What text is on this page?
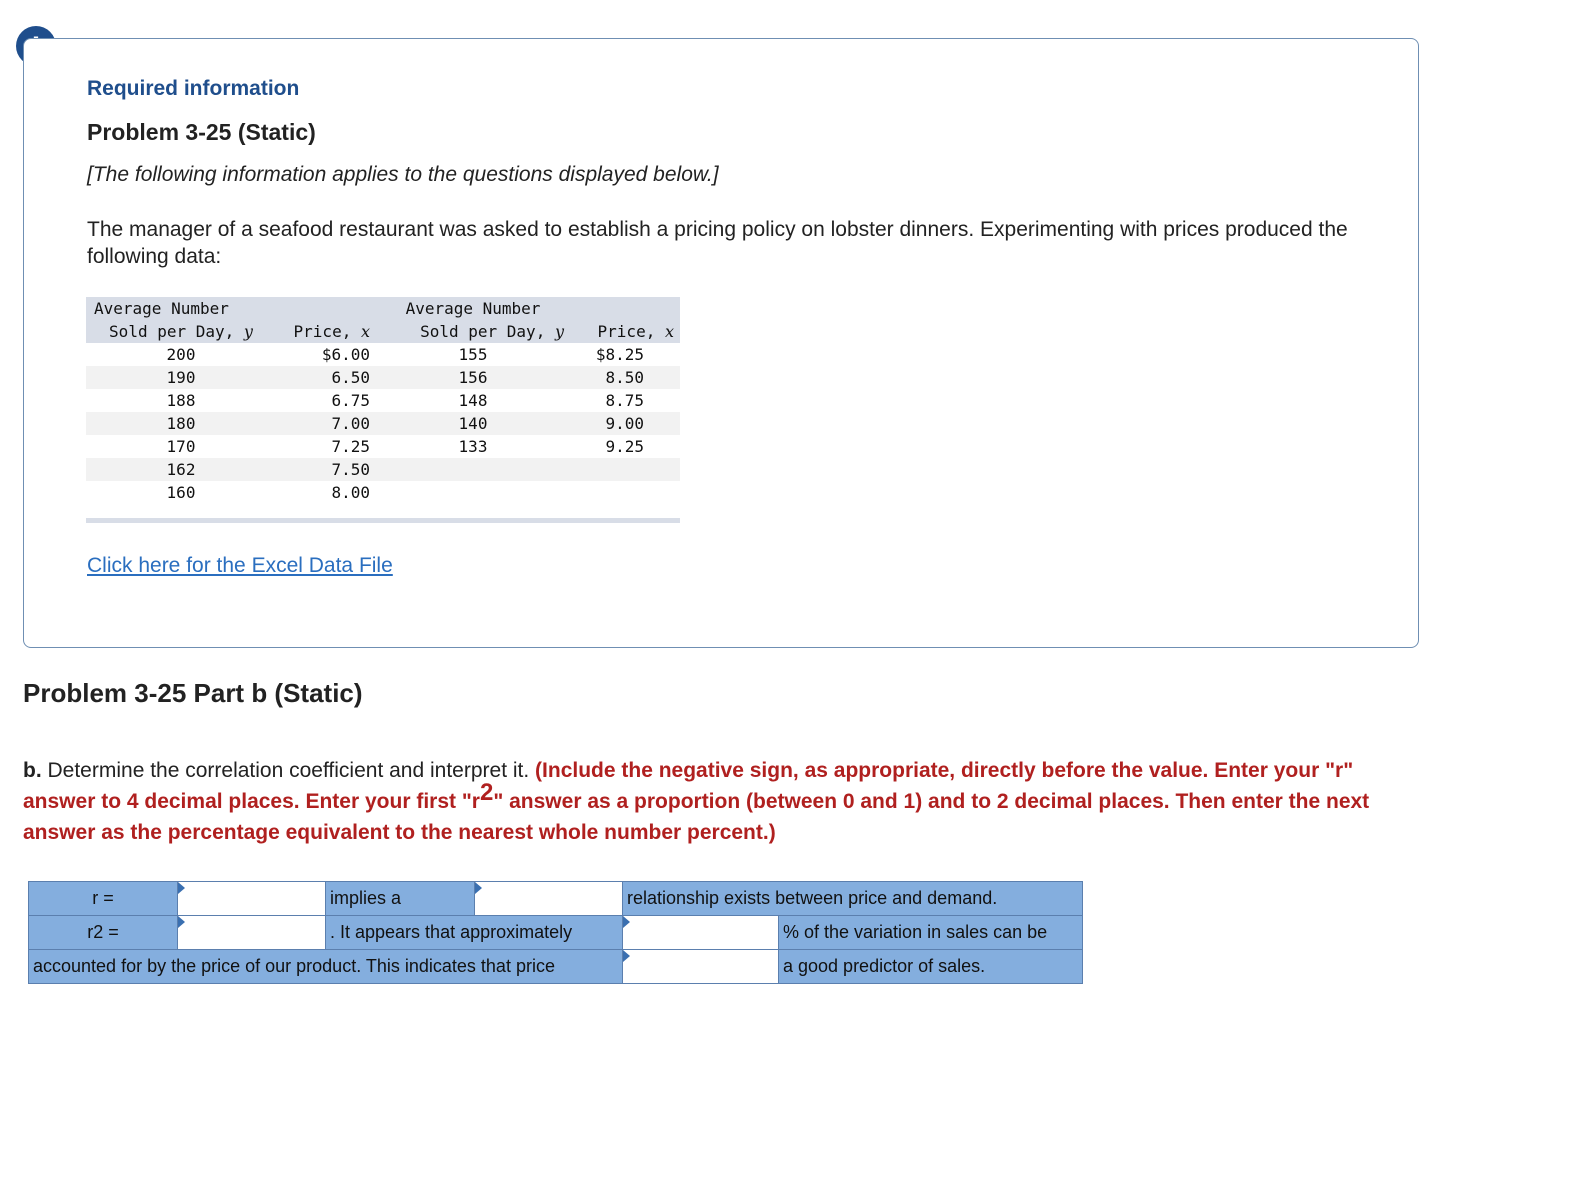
Required information
Problem 3-25 (Static)
[The following information applies to the questions displayed below.]
The manager of a seafood restaurant was asked to establish a pricing policy on lobster dinners. Experimenting with prices produced the following data:
Average Number		Average Number	
Sold per Day, y	Price, x	Sold per Day, y	Price, x
200	$6.00	155	$8.25
190	6.50	156	8.50
188	6.75	148	8.75
180	7.00	140	9.00
170	7.25	133	9.25
162	7.50		
160	8.00		

Click here for the Excel Data File
Problem 3-25 Part b (Static)
b. Determine the correlation coefficient and interpret it. (Include the negative sign, as appropriate, directly before the value. Enter your "r" answer to 4 decimal places. Enter your first "$r^2$" answer as a proportion (between 0 and 1) and to 2 decimal places. Then enter the next answer as the percentage equivalent to the nearest whole number percent.)
r =		implies a		relationship exists between price and demand.	
r2 =		. It appears that approximately			% of the variation in sales can be
accounted for by the price of our product. This indicates that price					a good predictor of sales.
